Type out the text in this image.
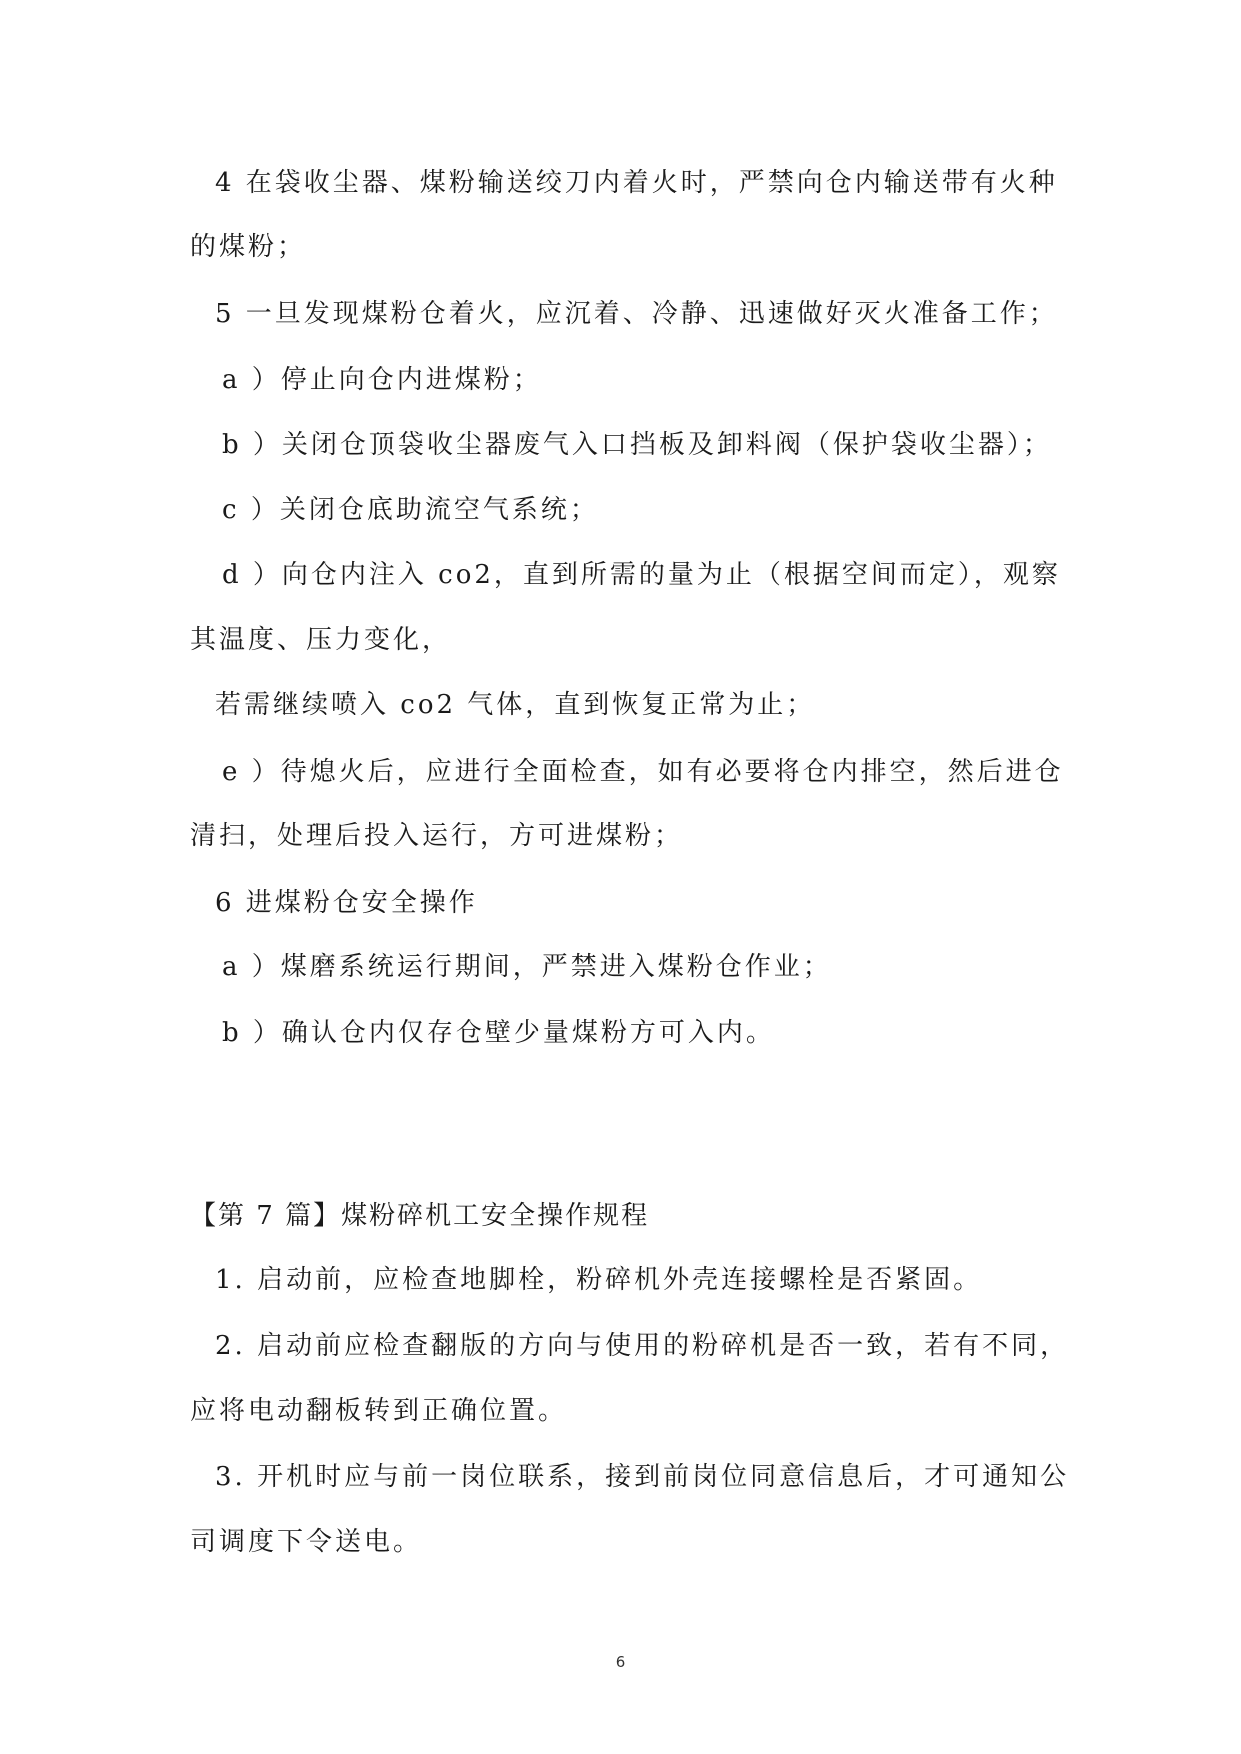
4 在袋收尘器、煤粉输送绞刀内着火时，严禁向仓内输送带有火种
的煤粉；
5 一旦发现煤粉仓着火，应沉着、冷静、迅速做好灭火准备工作；
a ）停止向仓内进煤粉；
b ）关闭仓顶袋收尘器废气入口挡板及卸料阀（保护袋收尘器）；
c ）关闭仓底助流空气系统；
d ）向仓内注入 co2，直到所需的量为止（根据空间而定），观察
其温度、压力变化，
若需继续喷入 co2 气体，直到恢复正常为止；
e ）待熄火后，应进行全面检查，如有必要将仓内排空，然后进仓
清扫，处理后投入运行，方可进煤粉；
6 进煤粉仓安全操作
a ）煤磨系统运行期间，严禁进入煤粉仓作业；
b ）确认仓内仅存仓壁少量煤粉方可入内。
【第 7 篇】煤粉碎机工安全操作规程
1. 启动前，应检查地脚栓，粉碎机外壳连接螺栓是否紧固。
2. 启动前应检查翻版的方向与使用的粉碎机是否一致，若有不同，
应将电动翻板转到正确位置。
3. 开机时应与前一岗位联系，接到前岗位同意信息后，才可通知公
司调度下令送电。
6
